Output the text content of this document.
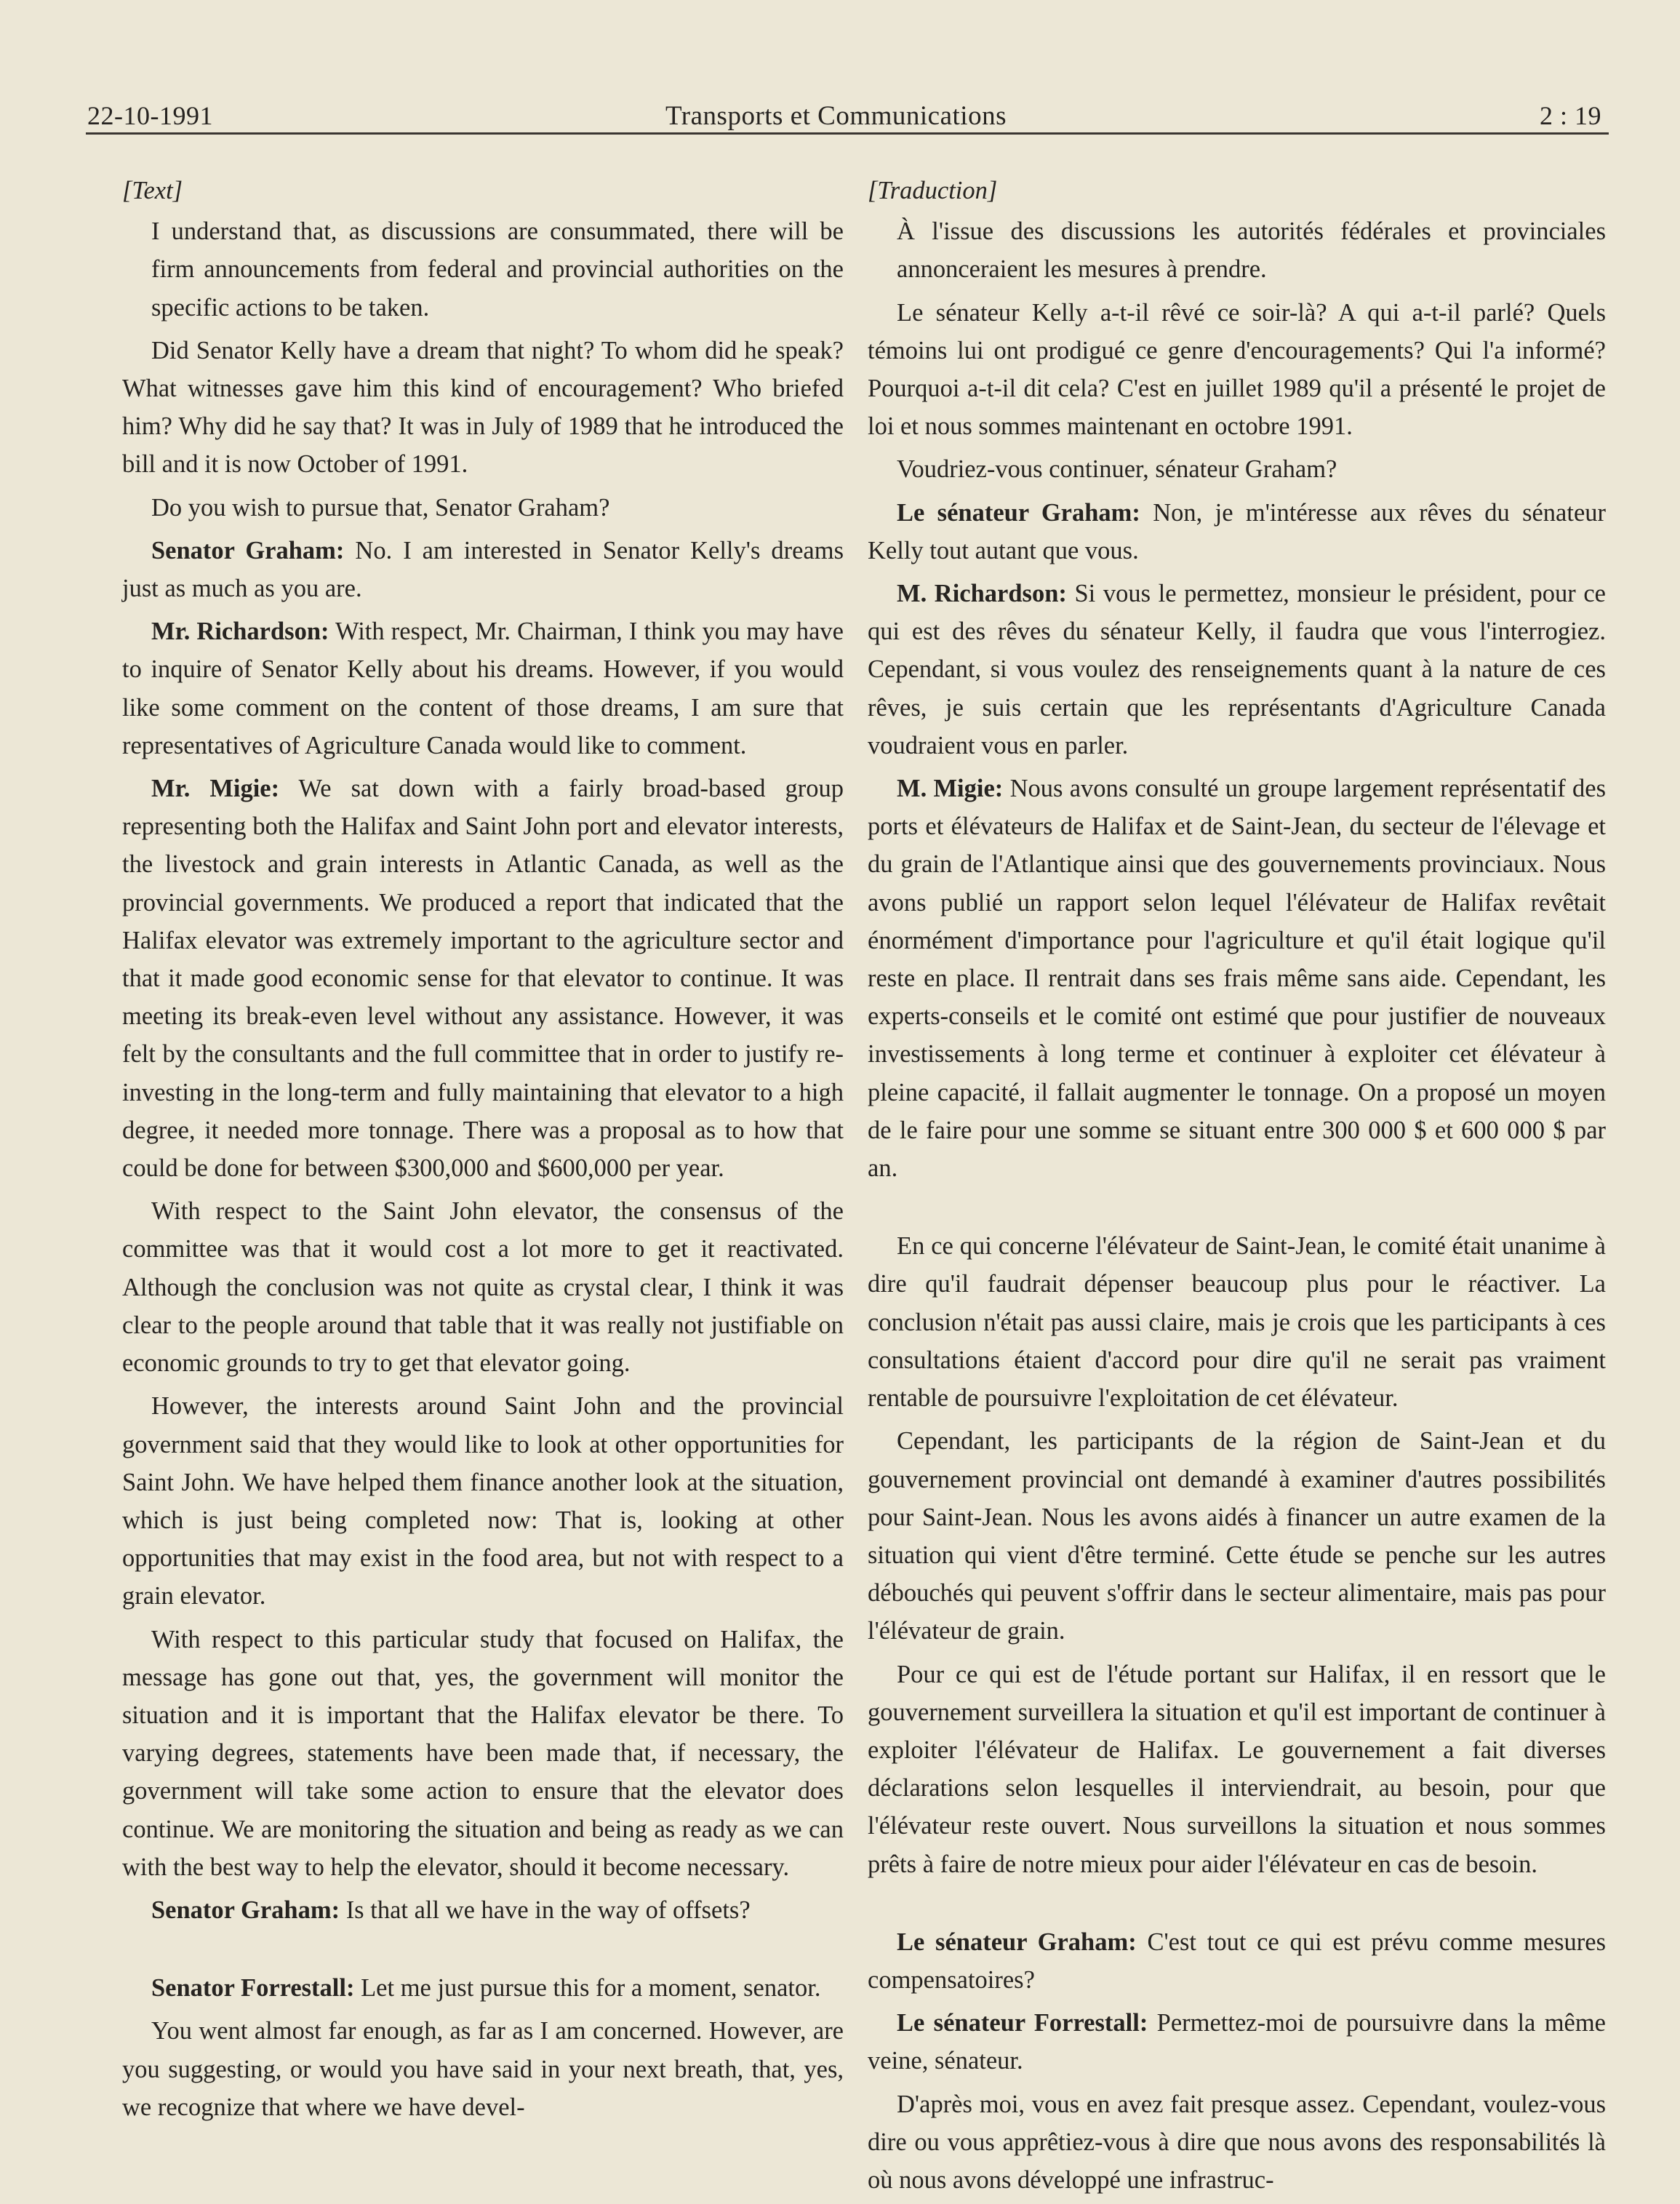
22-10-1991	Transports et Communications	2 : 19

[Text]

I understand that, as discussions are consummated, there will be firm announcements from federal and provincial authorities on the specific actions to be taken.

Did Senator Kelly have a dream that night? To whom did he speak? What witnesses gave him this kind of encouragement? Who briefed him? Why did he say that? It was in July of 1989 that he introduced the bill and it is now October of 1991.

Do you wish to pursue that, Senator Graham?

Senator Graham: No. I am interested in Senator Kelly's dreams just as much as you are.

Mr. Richardson: With respect, Mr. Chairman, I think you may have to inquire of Senator Kelly about his dreams. However, if you would like some comment on the content of those dreams, I am sure that representatives of Agriculture Canada would like to comment.

Mr. Migie: We sat down with a fairly broad-based group representing both the Halifax and Saint John port and elevator interests, the livestock and grain interests in Atlantic Canada, as well as the provincial governments. We produced a report that indicated that the Halifax elevator was extremely important to the agriculture sector and that it made good economic sense for that elevator to continue. It was meeting its break-even level without any assistance. However, it was felt by the consultants and the full committee that in order to justify re-investing in the long-term and fully maintaining that elevator to a high degree, it needed more tonnage. There was a proposal as to how that could be done for between $300,000 and $600,000 per year.

With respect to the Saint John elevator, the consensus of the committee was that it would cost a lot more to get it reactivated. Although the conclusion was not quite as crystal clear, I think it was clear to the people around that table that it was really not justifiable on economic grounds to try to get that elevator going.

However, the interests around Saint John and the provincial government said that they would like to look at other opportunities for Saint John. We have helped them finance another look at the situation, which is just being completed now: That is, looking at other opportunities that may exist in the food area, but not with respect to a grain elevator.

With respect to this particular study that focused on Halifax, the message has gone out that, yes, the government will monitor the situation and it is important that the Halifax elevator be there. To varying degrees, statements have been made that, if necessary, the government will take some action to ensure that the elevator does continue. We are monitoring the situation and being as ready as we can with the best way to help the elevator, should it become necessary.

Senator Graham: Is that all we have in the way of offsets?

Senator Forrestall: Let me just pursue this for a moment, senator.

You went almost far enough, as far as I am concerned. However, are you suggesting, or would you have said in your next breath, that, yes, we recognize that where we have devel-

[Traduction]

À l'issue des discussions les autorités fédérales et provinciales annonceraient les mesures à prendre.

Le sénateur Kelly a-t-il rêvé ce soir-là? A qui a-t-il parlé? Quels témoins lui ont prodigué ce genre d'encouragements? Qui l'a informé? Pourquoi a-t-il dit cela? C'est en juillet 1989 qu'il a présenté le projet de loi et nous sommes maintenant en octobre 1991.

Voudriez-vous continuer, sénateur Graham?

Le sénateur Graham: Non, je m'intéresse aux rêves du sénateur Kelly tout autant que vous.

M. Richardson: Si vous le permettez, monsieur le président, pour ce qui est des rêves du sénateur Kelly, il faudra que vous l'interrogiez. Cependant, si vous voulez des renseignements quant à la nature de ces rêves, je suis certain que les représentants d'Agriculture Canada voudraient vous en parler.

M. Migie: Nous avons consulté un groupe largement représentatif des ports et élévateurs de Halifax et de Saint-Jean, du secteur de l'élevage et du grain de l'Atlantique ainsi que des gouvernements provinciaux. Nous avons publié un rapport selon lequel l'élévateur de Halifax revêtait énormément d'importance pour l'agriculture et qu'il était logique qu'il reste en place. Il rentrait dans ses frais même sans aide. Cependant, les experts-conseils et le comité ont estimé que pour justifier de nouveaux investissements à long terme et continuer à exploiter cet élévateur à pleine capacité, il fallait augmenter le tonnage. On a proposé un moyen de le faire pour une somme se situant entre 300 000 $ et 600 000 $ par an.

En ce qui concerne l'élévateur de Saint-Jean, le comité était unanime à dire qu'il faudrait dépenser beaucoup plus pour le réactiver. La conclusion n'était pas aussi claire, mais je crois que les participants à ces consultations étaient d'accord pour dire qu'il ne serait pas vraiment rentable de poursuivre l'exploitation de cet élévateur.

Cependant, les participants de la région de Saint-Jean et du gouvernement provincial ont demandé à examiner d'autres possibilités pour Saint-Jean. Nous les avons aidés à financer un autre examen de la situation qui vient d'être terminé. Cette étude se penche sur les autres débouchés qui peuvent s'offrir dans le secteur alimentaire, mais pas pour l'élévateur de grain.

Pour ce qui est de l'étude portant sur Halifax, il en ressort que le gouvernement surveillera la situation et qu'il est important de continuer à exploiter l'élévateur de Halifax. Le gouvernement a fait diverses déclarations selon lesquelles il interviendrait, au besoin, pour que l'élévateur reste ouvert. Nous surveillons la situation et nous sommes prêts à faire de notre mieux pour aider l'élévateur en cas de besoin.

Le sénateur Graham: C'est tout ce qui est prévu comme mesures compensatoires?

Le sénateur Forrestall: Permettez-moi de poursuivre dans la même veine, sénateur.

D'après moi, vous en avez fait presque assez. Cependant, voulez-vous dire ou vous apprêtiez-vous à dire que nous avons des responsabilités là où nous avons développé une infrastruc-
